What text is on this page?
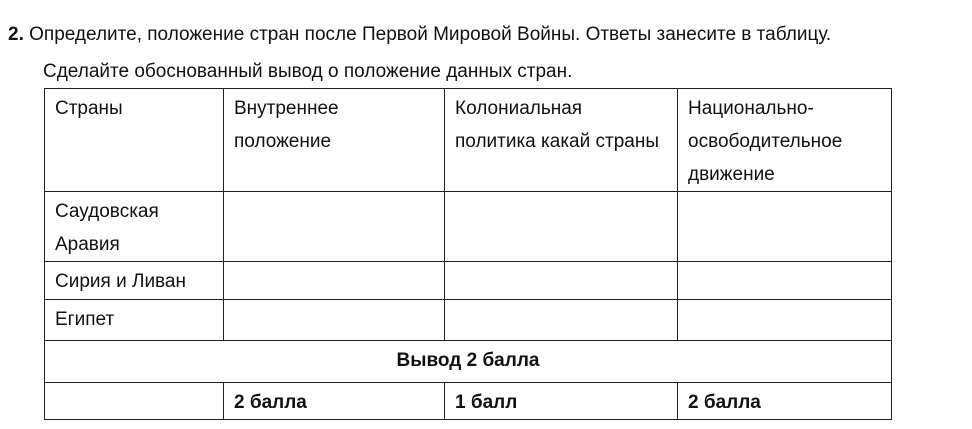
2. Определите, положение стран после Первой Мировой Войны. Ответы занесите в таблицу.
Сделайте обоснованный вывод о положение данных стран.
Страны	Внутреннее положение	Колониальная политика какай страны	Национально-освободительное движение
Саудовская Аравия			
Сирия и Ливан			
Египет			
Вывод 2 балла			
	2 балла	1 балл	2 балла
